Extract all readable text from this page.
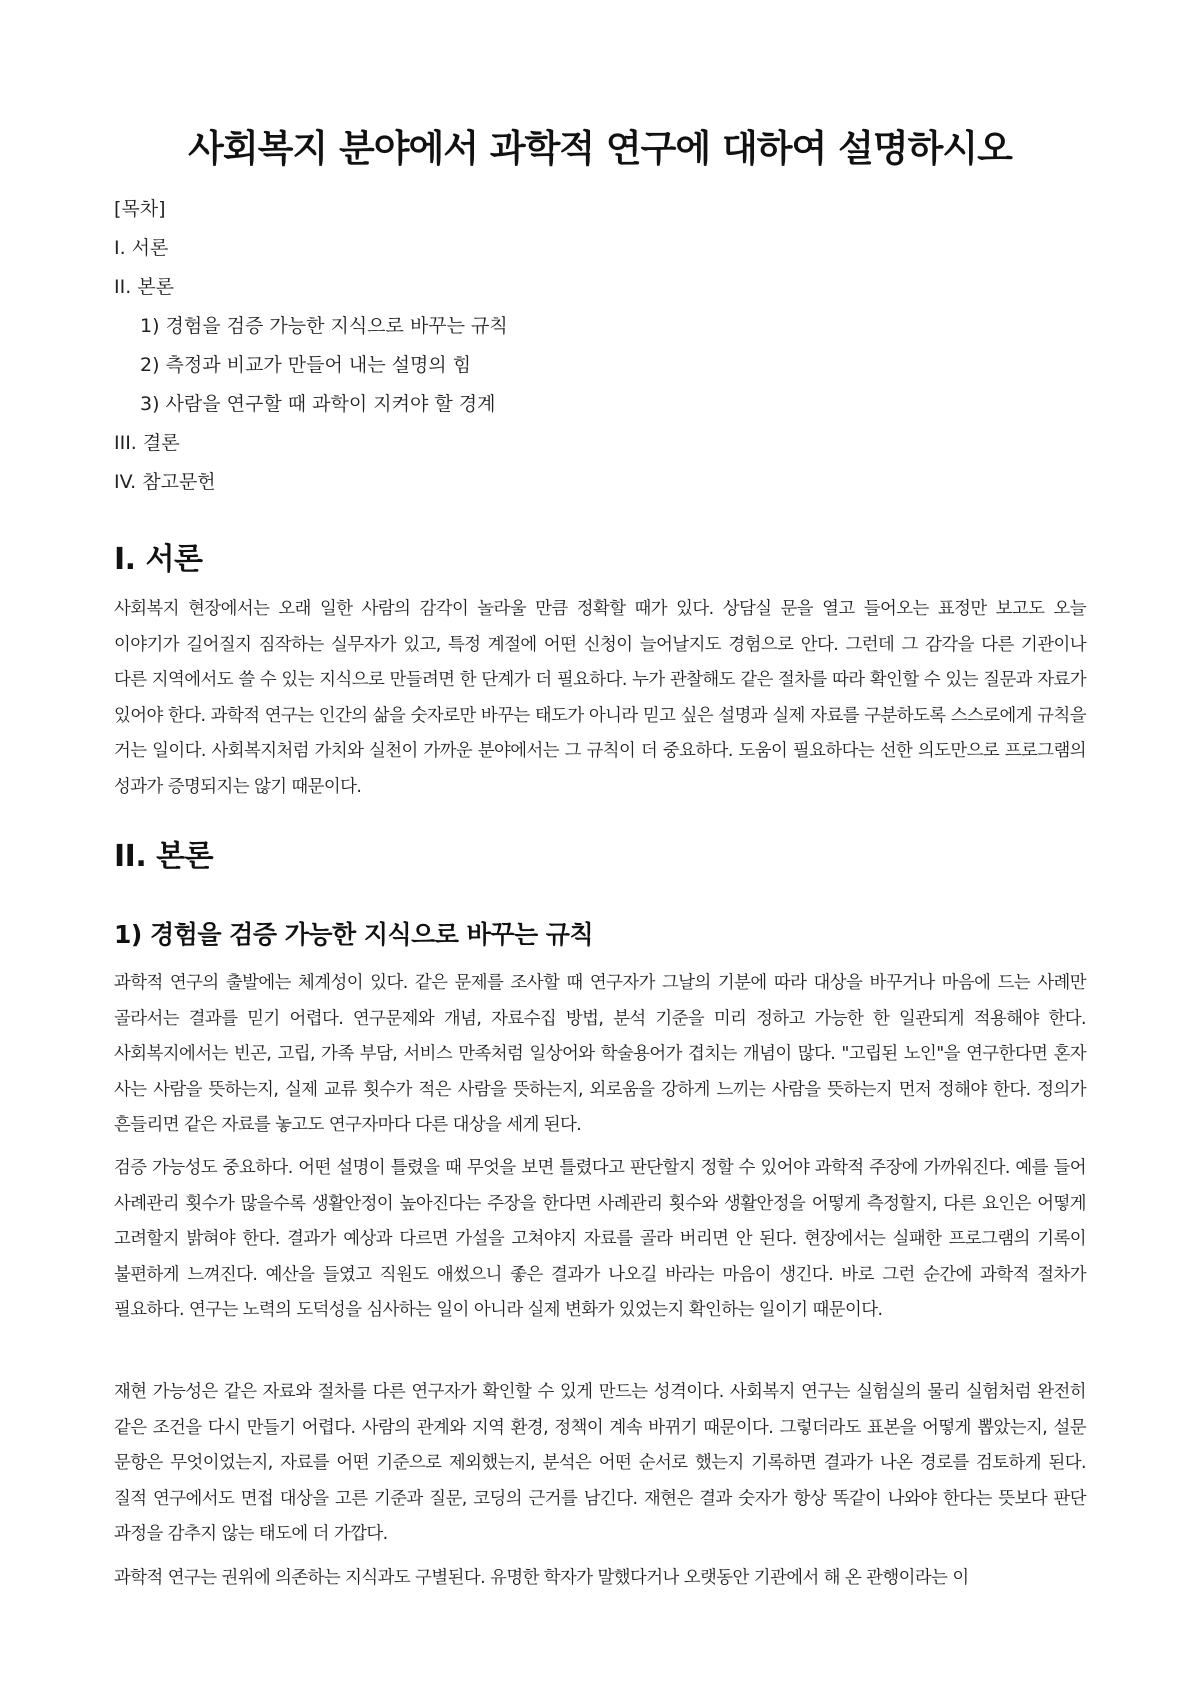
사회복지 분야에서 과학적 연구에 대하여 설명하시오
[목차]
I. 서론
II. 본론
1) 경험을 검증 가능한 지식으로 바꾸는 규칙
2) 측정과 비교가 만들어 내는 설명의 힘
3) 사람을 연구할 때 과학이 지켜야 할 경계
III. 결론
IV. 참고문헌
I. 서론

사회복지 현장에서는 오래 일한 사람의 감각이 놀라울 만큼 정확할 때가 있다. 상담실 문을 열고 들어오는 표정만 보고도 오늘 이야기가 길어질지 짐작하는 실무자가 있고, 특정 계절에 어떤 신청이 늘어날지도 경험으로 안다. 그런데 그 감각을 다른 기관이나 다른 지역에서도 쓸 수 있는 지식으로 만들려면 한 단계가 더 필요하다. 누가 관찰해도 같은 절차를 따라 확인할 수 있는 질문과 자료가 있어야 한다. 과학적 연구는 인간의 삶을 숫자로만 바꾸는 태도가 아니라 믿고 싶은 설명과 실제 자료를 구분하도록 스스로에게 규칙을 거는 일이다. 사회복지처럼 가치와 실천이 가까운 분야에서는 그 규칙이 더 중요하다. 도움이 필요하다는 선한 의도만으로 프로그램의 성과가 증명되지는 않기 때문이다.

II. 본론
1) 경험을 검증 가능한 지식으로 바꾸는 규칙

과학적 연구의 출발에는 체계성이 있다. 같은 문제를 조사할 때 연구자가 그날의 기분에 따라 대상을 바꾸거나 마음에 드는 사례만 골라서는 결과를 믿기 어렵다. 연구문제와 개념, 자료수집 방법, 분석 기준을 미리 정하고 가능한 한 일관되게 적용해야 한다. 사회복지에서는 빈곤, 고립, 가족 부담, 서비스 만족처럼 일상어와 학술용어가 겹치는 개념이 많다. "고립된 노인"을 연구한다면 혼자 사는 사람을 뜻하는지, 실제 교류 횟수가 적은 사람을 뜻하는지, 외로움을 강하게 느끼는 사람을 뜻하는지 먼저 정해야 한다. 정의가 흔들리면 같은 자료를 놓고도 연구자마다 다른 대상을 세게 된다.

검증 가능성도 중요하다. 어떤 설명이 틀렸을 때 무엇을 보면 틀렸다고 판단할지 정할 수 있어야 과학적 주장에 가까워진다. 예를 들어 사례관리 횟수가 많을수록 생활안정이 높아진다는 주장을 한다면 사례관리 횟수와 생활안정을 어떻게 측정할지, 다른 요인은 어떻게 고려할지 밝혀야 한다. 결과가 예상과 다르면 가설을 고쳐야지 자료를 골라 버리면 안 된다. 현장에서는 실패한 프로그램의 기록이 불편하게 느껴진다. 예산을 들였고 직원도 애썼으니 좋은 결과가 나오길 바라는 마음이 생긴다. 바로 그런 순간에 과학적 절차가 필요하다. 연구는 노력의 도덕성을 심사하는 일이 아니라 실제 변화가 있었는지 확인하는 일이기 때문이다.

재현 가능성은 같은 자료와 절차를 다른 연구자가 확인할 수 있게 만드는 성격이다. 사회복지 연구는 실험실의 물리 실험처럼 완전히 같은 조건을 다시 만들기 어렵다. 사람의 관계와 지역 환경, 정책이 계속 바뀌기 때문이다. 그렇더라도 표본을 어떻게 뽑았는지, 설문 문항은 무엇이었는지, 자료를 어떤 기준으로 제외했는지, 분석은 어떤 순서로 했는지 기록하면 결과가 나온 경로를 검토하게 된다. 질적 연구에서도 면접 대상을 고른 기준과 질문, 코딩의 근거를 남긴다. 재현은 결과 숫자가 항상 똑같이 나와야 한다는 뜻보다 판단 과정을 감추지 않는 태도에 더 가깝다.

과학적 연구는 권위에 의존하는 지식과도 구별된다. 유명한 학자가 말했다거나 오랫동안 기관에서 해 온 관행이라는 이
